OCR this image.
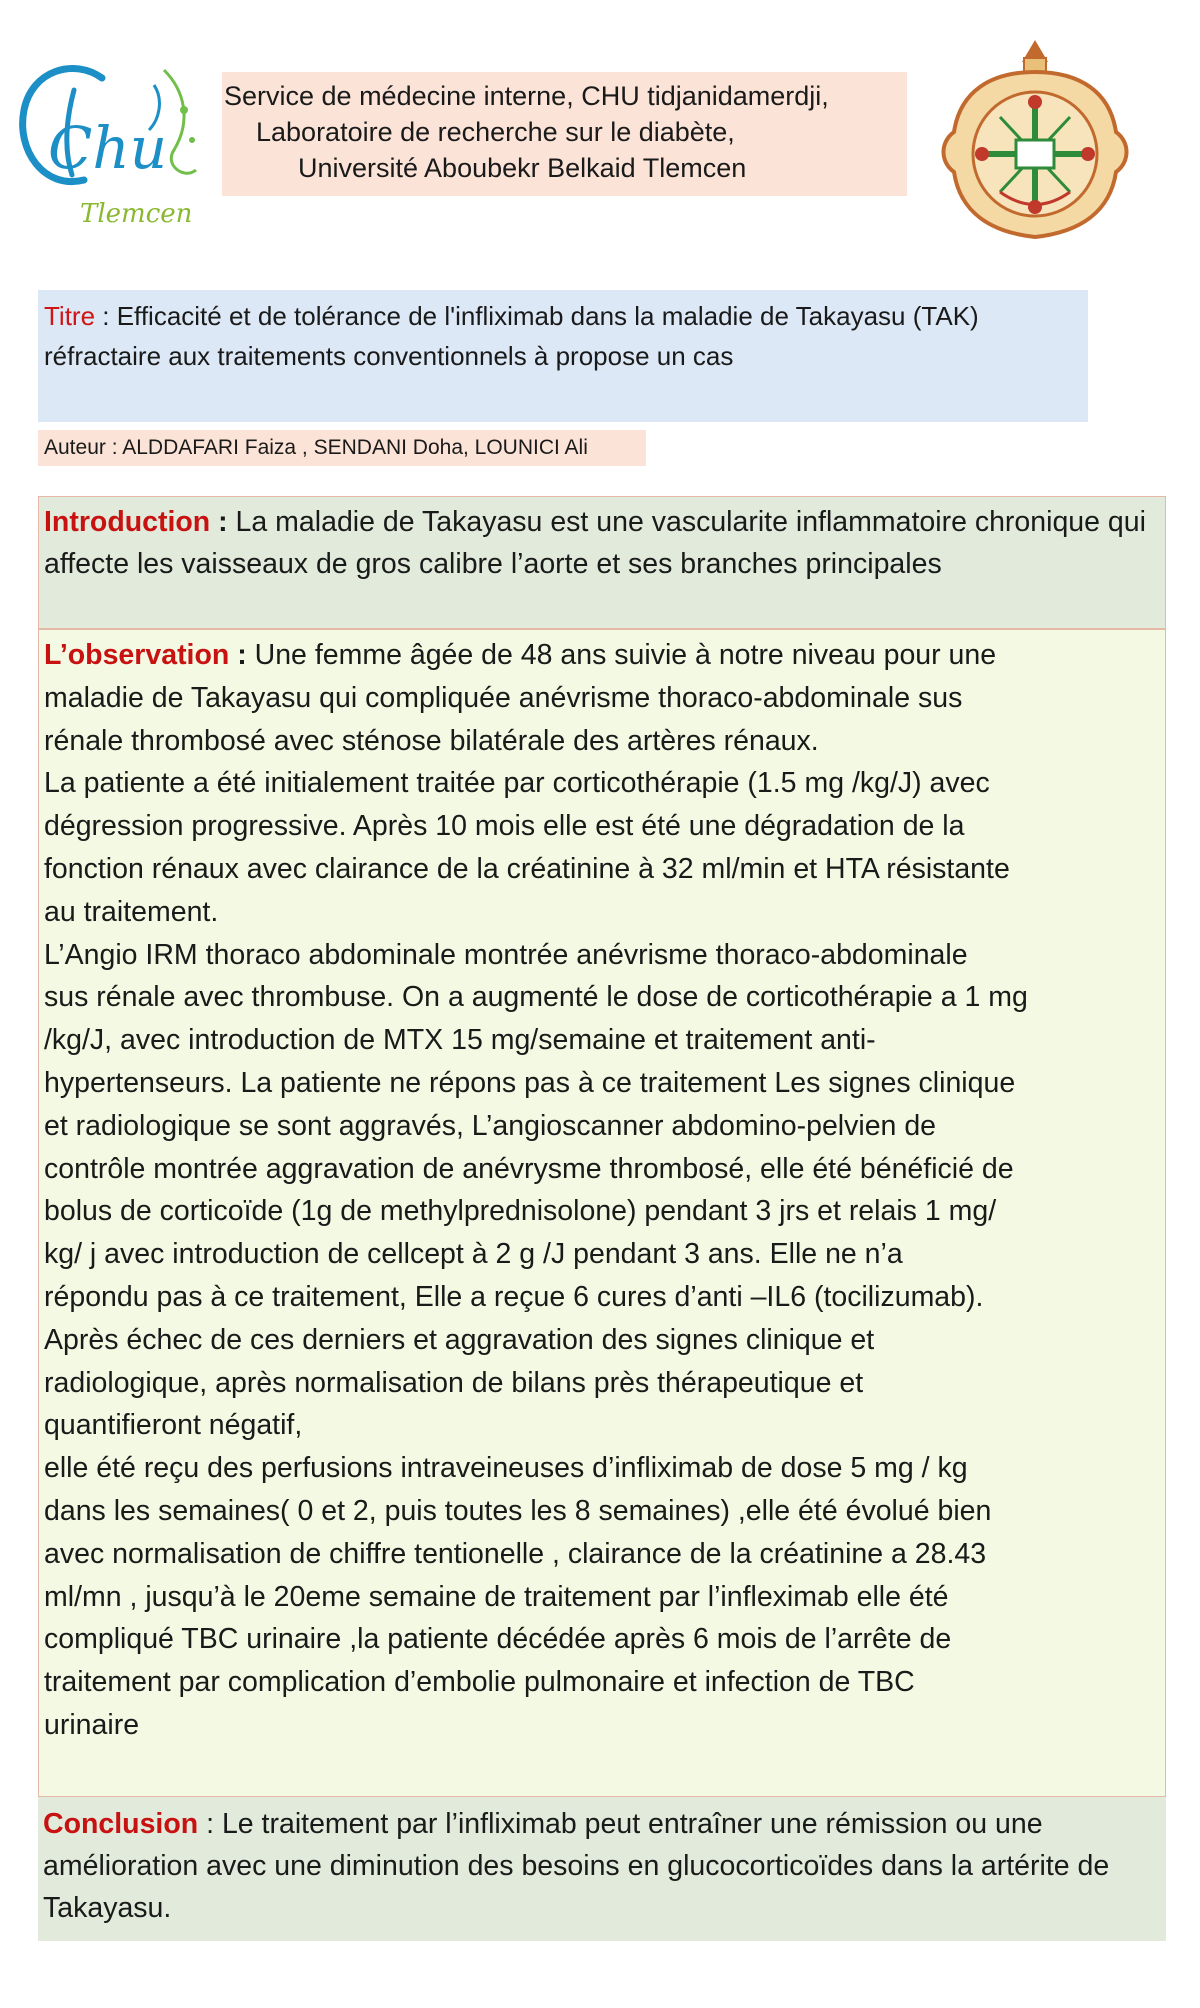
Chu
Tlemcen
Service de médecine interne, CHU tidjanidamerdji,
Laboratoire de recherche sur le diabète,
Université Aboubekr Belkaid Tlemcen
Titre : Efficacité et de tolérance de l'infliximab dans la maladie de Takayasu (TAK) réfractaire aux traitements conventionnels à propose un cas
Auteur : ALDDAFARI Faiza , SENDANI Doha, LOUNICI Ali
Introduction : La maladie de Takayasu est une vascularite inflammatoire chronique qui affecte les vaisseaux de gros calibre l’aorte et ses branches principales
L’observation : Une femme âgée de 48 ans suivie à notre niveau pour une
maladie de Takayasu qui compliquée anévrisme thoraco-abdominale sus
rénale thrombosé avec sténose bilatérale des artères rénaux.
La patiente a été initialement traitée par corticothérapie (1.5 mg /kg/J) avec
dégression progressive. Après 10 mois elle est été une dégradation de la
fonction rénaux avec clairance de la créatinine à 32 ml/min et HTA résistante
au traitement.
L’Angio IRM thoraco abdominale montrée anévrisme thoraco-abdominale
sus rénale avec thrombuse. On a augmenté le dose de corticothérapie a 1 mg
/kg/J, avec introduction de MTX 15 mg/semaine et traitement anti-
hypertenseurs. La patiente ne répons pas à ce traitement Les signes clinique
et radiologique se sont aggravés, L’angioscanner abdomino-pelvien de
contrôle montrée aggravation de anévrysme thrombosé, elle été bénéficié de
bolus de corticoïde (1g de methylprednisolone) pendant 3 jrs et relais 1 mg/
kg/ j avec introduction de cellcept à 2 g /J pendant 3 ans. Elle ne n’a
répondu pas à ce traitement, Elle a reçue 6 cures d’anti –IL6 (tocilizumab).
Après échec de ces derniers et aggravation des signes clinique et
radiologique, après normalisation de bilans près thérapeutique et
quantifieront négatif,
elle été reçu des perfusions intraveineuses d’infliximab de dose 5 mg / kg
dans les semaines( 0 et 2, puis toutes les 8 semaines) ,elle été évolué bien
avec normalisation de chiffre tentionelle , clairance de la créatinine a 28.43
ml/mn , jusqu’à le 20eme semaine de traitement par l’infleximab elle été
compliqué TBC urinaire ,la patiente décédée après 6 mois de l’arrête de
traitement par complication d’embolie pulmonaire et infection de TBC
urinaire
Conclusion : Le traitement par l’infliximab peut entraîner une rémission ou une amélioration avec une diminution des besoins en glucocorticoïdes dans la artérite de Takayasu.
